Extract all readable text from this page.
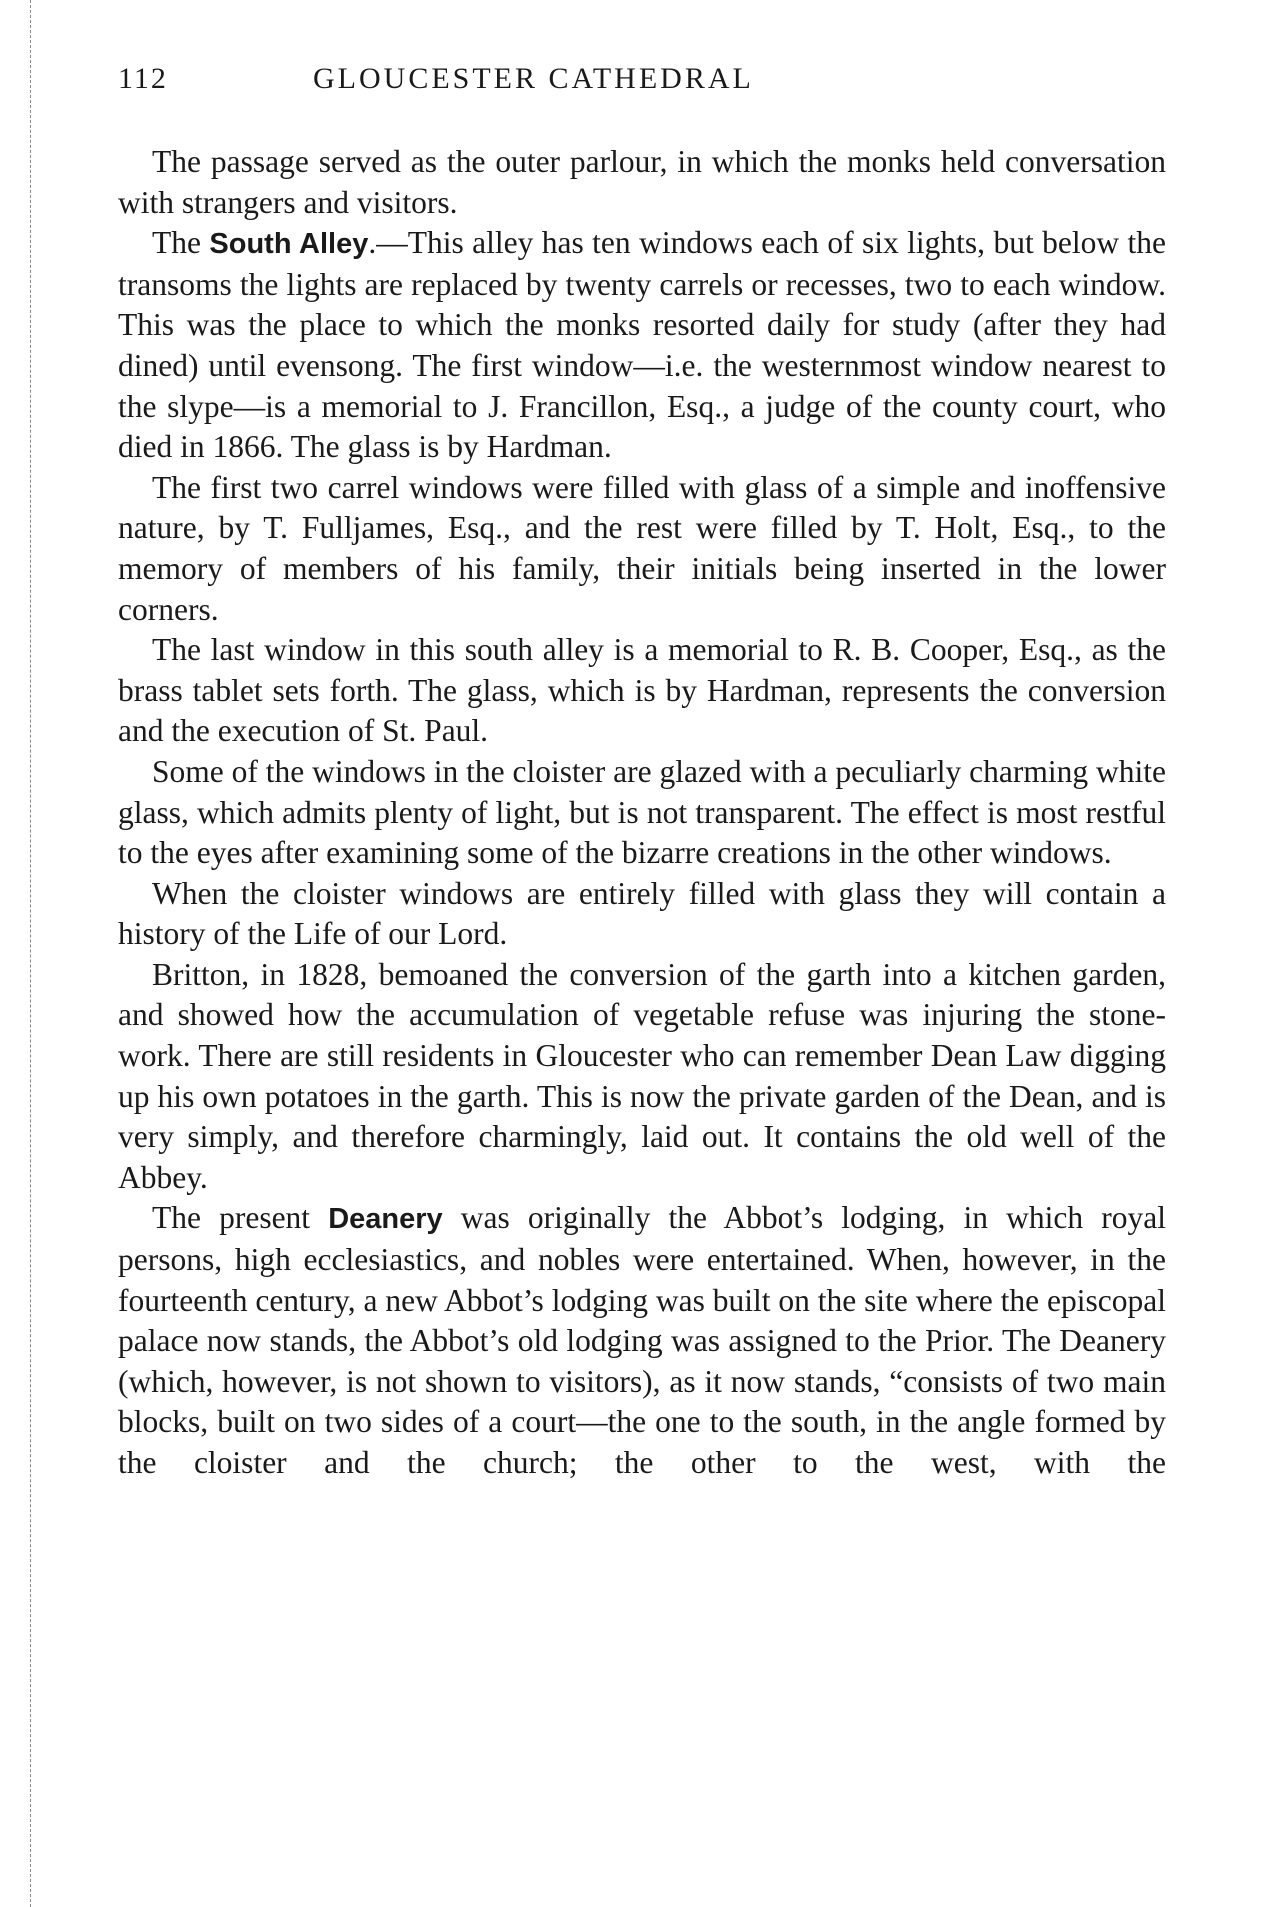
112	GLOUCESTER CATHEDRAL

The passage served as the outer parlour, in which the monks held conversation with strangers and visitors.

The South Alley.—This alley has ten windows each of six lights, but below the transoms the lights are replaced by twenty carrels or recesses, two to each window. This was the place to which the monks resorted daily for study (after they had dined) until evensong. The first window—i.e. the westernmost window nearest to the slype—is a memorial to J. Francillon, Esq., a judge of the county court, who died in 1866. The glass is by Hardman.

The first two carrel windows were filled with glass of a simple and inoffensive nature, by T. Fulljames, Esq., and the rest were filled by T. Holt, Esq., to the memory of members of his family, their initials being inserted in the lower corners.

The last window in this south alley is a memorial to R. B. Cooper, Esq., as the brass tablet sets forth. The glass, which is by Hardman, represents the conversion and the execution of St. Paul.

Some of the windows in the cloister are glazed with a peculiarly charming white glass, which admits plenty of light, but is not transparent. The effect is most restful to the eyes after examining some of the bizarre creations in the other windows.

When the cloister windows are entirely filled with glass they will contain a history of the Life of our Lord.

Britton, in 1828, bemoaned the conversion of the garth into a kitchen garden, and showed how the accumulation of vegetable refuse was injuring the stone-work. There are still residents in Gloucester who can remember Dean Law digging up his own potatoes in the garth. This is now the private garden of the Dean, and is very simply, and therefore charmingly, laid out. It contains the old well of the Abbey.

The present Deanery was originally the Abbot’s lodging, in which royal persons, high ecclesiastics, and nobles were entertained. When, however, in the fourteenth century, a new Abbot’s lodging was built on the site where the episcopal palace now stands, the Abbot’s old lodging was assigned to the Prior. The Deanery (which, however, is not shown to visitors), as it now stands, “consists of two main blocks, built on two sides of a court—the one to the south, in the angle formed by the cloister and the church; the other to the west, with the
